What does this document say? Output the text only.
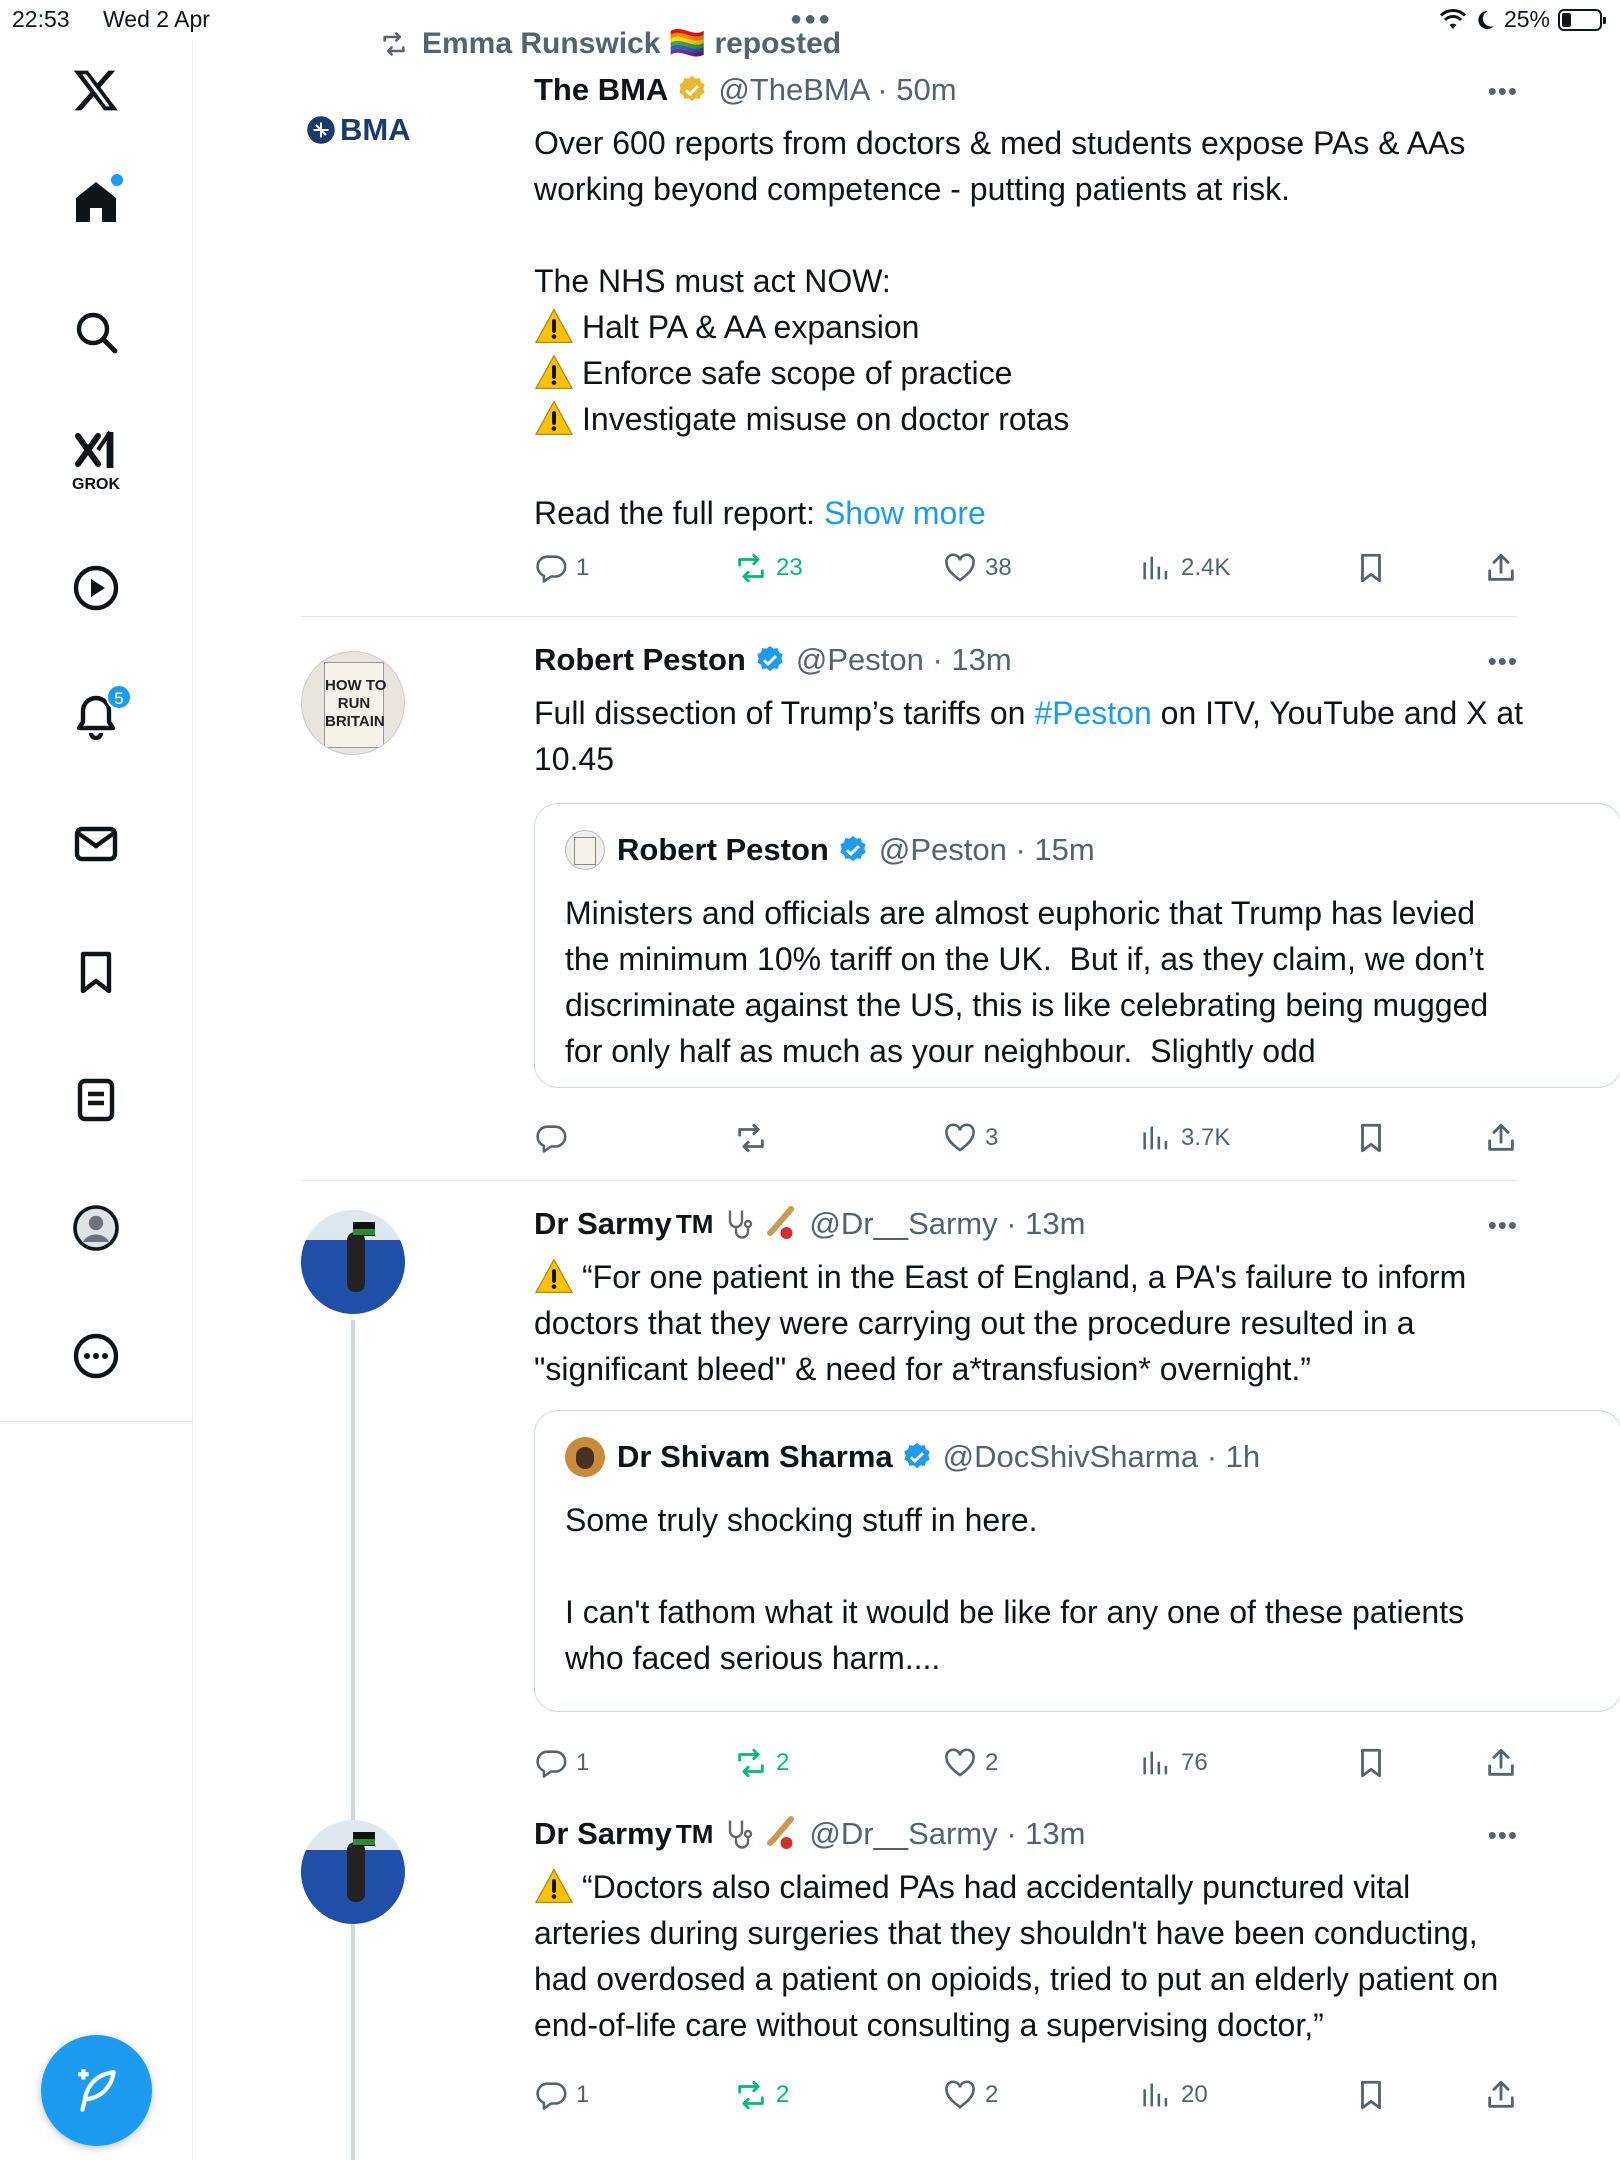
22:53 Wed 2 Apr	25%
●●●
GROK
5
Emma Runswick 🏳️‍🌈 reposted
BMA
The BMA @TheBMA · 50m	•••
Over 600 reports from doctors & med students expose PAs & AAs
working beyond competence - putting patients at risk.
The NHS must act NOW:
Halt PA & AA expansion
Enforce safe scope of practice
Investigate misuse on doctor rotas
Read the full report: Show more
1	23	38	2.4K
HOW TO
RUN
BRITAIN
Robert Peston @Peston · 13m	•••
Full dissection of Trump’s tariffs on #Peston on ITV, YouTube and X at
10.45
Robert Peston @Peston · 15m
Ministers and officials are almost euphoric that Trump has levied
the minimum 10% tariff on the UK.  But if, as they claim, we don’t
discriminate against the US, this is like celebrating being mugged
for only half as much as your neighbour.  Slightly odd
3	3.7K
Dr Sarmy TM	@Dr__Sarmy · 13m	•••
“For one patient in the East of England, a PA's failure to inform
doctors that they were carrying out the procedure resulted in a
"significant bleed" & need for a*transfusion* overnight.”
Dr Shivam Sharma @DocShivSharma · 1h
Some truly shocking stuff in here.

I can't fathom what it would be like for any one of these patients
who faced serious harm....
1	2	2	76
Dr Sarmy TM	@Dr__Sarmy · 13m	•••
“Doctors also claimed PAs had accidentally punctured vital
arteries during surgeries that they shouldn't have been conducting,
had overdosed a patient on opioids, tried to put an elderly patient on
end-of-life care without consulting a supervising doctor,”
1	2	2	20
